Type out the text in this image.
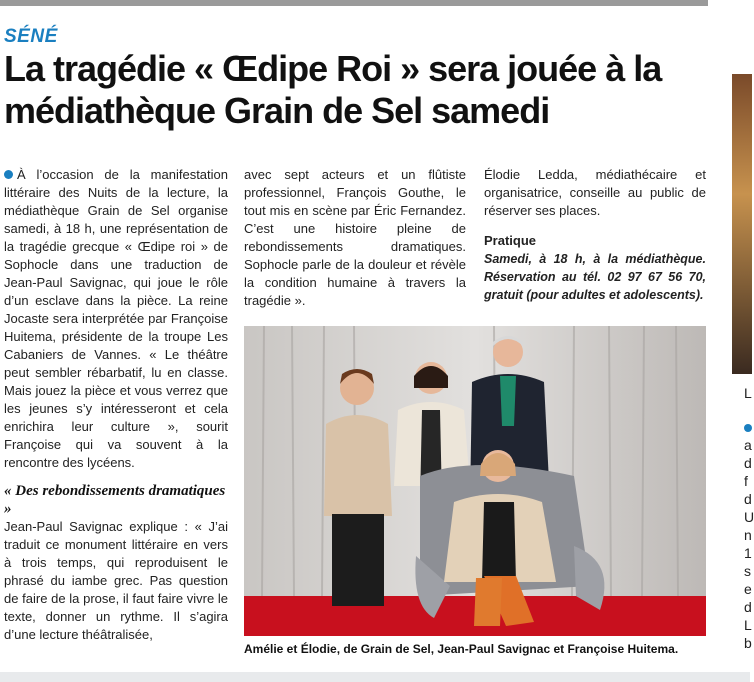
SÉNÉ
La tragédie « Œdipe Roi » sera jouée à la médiathèque Grain de Sel samedi

À l’occasion de la manifestation littéraire des Nuits de la lecture, la médiathèque Grain de Sel organise samedi, à 18 h, une représentation de la tragédie grecque « Œdipe roi » de Sophocle dans une traduction de Jean-Paul Savignac, qui joue le rôle d’un esclave dans la pièce. La reine Jocaste sera interprétée par Françoise Huitema, présidente de la troupe Les Cabaniers de Vannes. « Le théâtre peut sembler rébarbatif, lu en classe. Mais jouez la pièce et vous verrez que les jeunes s’y intéresseront et cela enrichira leur culture », sourit Françoise qui va souvent à la rencontre des lycéens.

« Des rebondissements dramatiques »

Jean-Paul Savignac explique : « J’ai traduit ce monument littéraire en vers à trois temps, qui reproduisent le phrasé du iambe grec. Pas question de faire de la prose, il faut faire vivre le texte, donner un rythme. Il s’agira d’une lecture théâtralisée,

avec sept acteurs et un flûtiste professionnel, François Gouthe, le tout mis en scène par Éric Fernandez. C’est une histoire pleine de rebondissements dramatiques. Sophocle parle de la douleur et révèle la condition humaine à travers la tragédie ».

Élodie Ledda, médiathécaire et organisatrice, conseille au public de réserver ses places.

Pratique

Samedi, à 18 h, à la médiathèque. Réservation au tél. 02 97 67 56 70, gratuit (pour adultes et adolescents).

Amélie et Élodie, de Grain de Sel, Jean-Paul Savignac et Françoise Huitema.
L
a
d
f
d
U
n
1
s
e
d
L
b
